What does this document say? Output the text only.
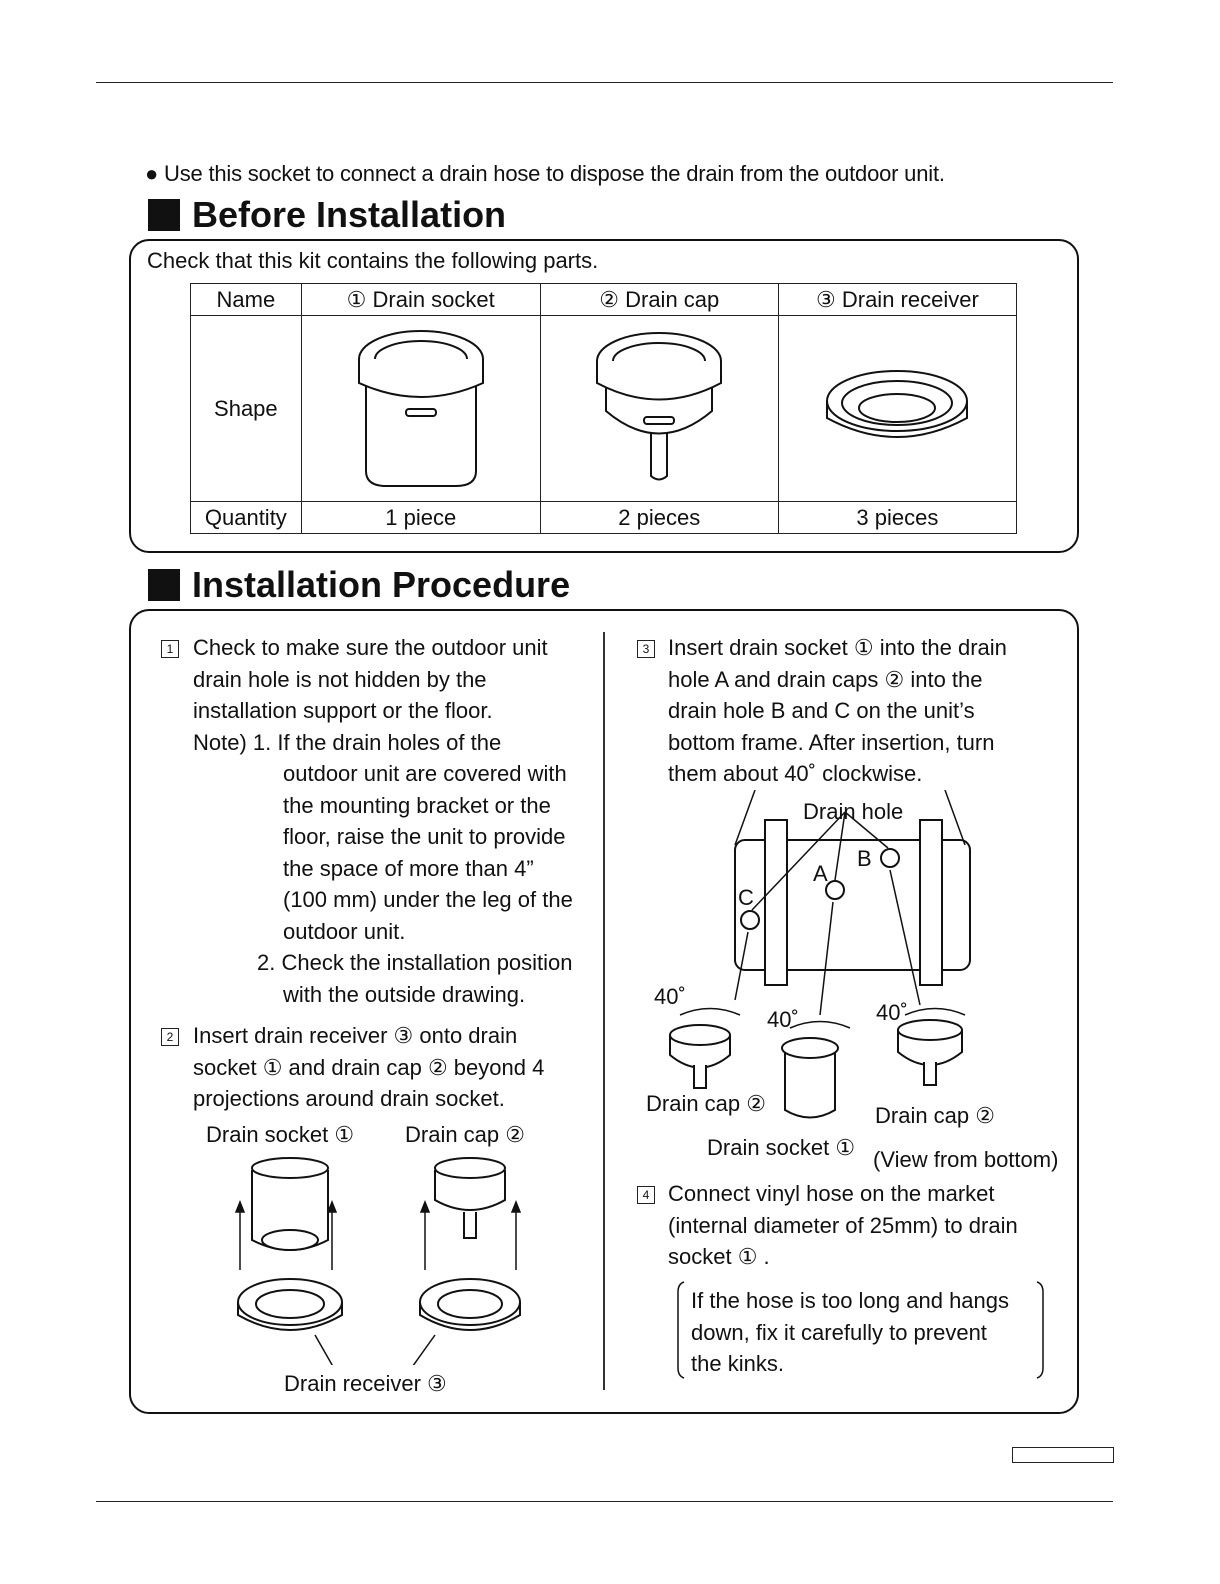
● Use this socket to connect a drain hose to dispose the drain from the outdoor unit.
Before Installation
Check that this kit contains the following parts.
Name	① Drain socket	② Drain cap	③ Drain receiver
Shape			
Quantity	1 piece	2 pieces	3 pieces
Installation Procedure
1 Check to make sure the outdoor unit
drain hole is not hidden by the
installation support or the floor.
Note) 1. If the drain holes of the
outdoor unit are covered with
the mounting bracket or the
floor, raise the unit to provide
the space of more than 4”
(100 mm) under the leg of the
outdoor unit.
2. Check the installation position
with the outside drawing.
2 Insert drain receiver ③ onto drain
socket ① and drain cap ② beyond 4
projections around drain socket.
Drain socket ① Drain cap ②
Drain receiver ③
3 Insert drain socket ① into the drain
hole A and drain caps ② into the
drain hole B and C on the unit’s
bottom frame. After insertion, turn
them about 40˚ clockwise.
Drain hole
A
B
C
40˚
40˚	40˚
Drain cap ②	Drain cap ②
Drain socket ① (View from bottom)
4 Connect vinyl hose on the market
(internal diameter of 25mm) to drain
socket ① .
If the hose is too long and hangs
down, fix it carefully to prevent
the kinks.
